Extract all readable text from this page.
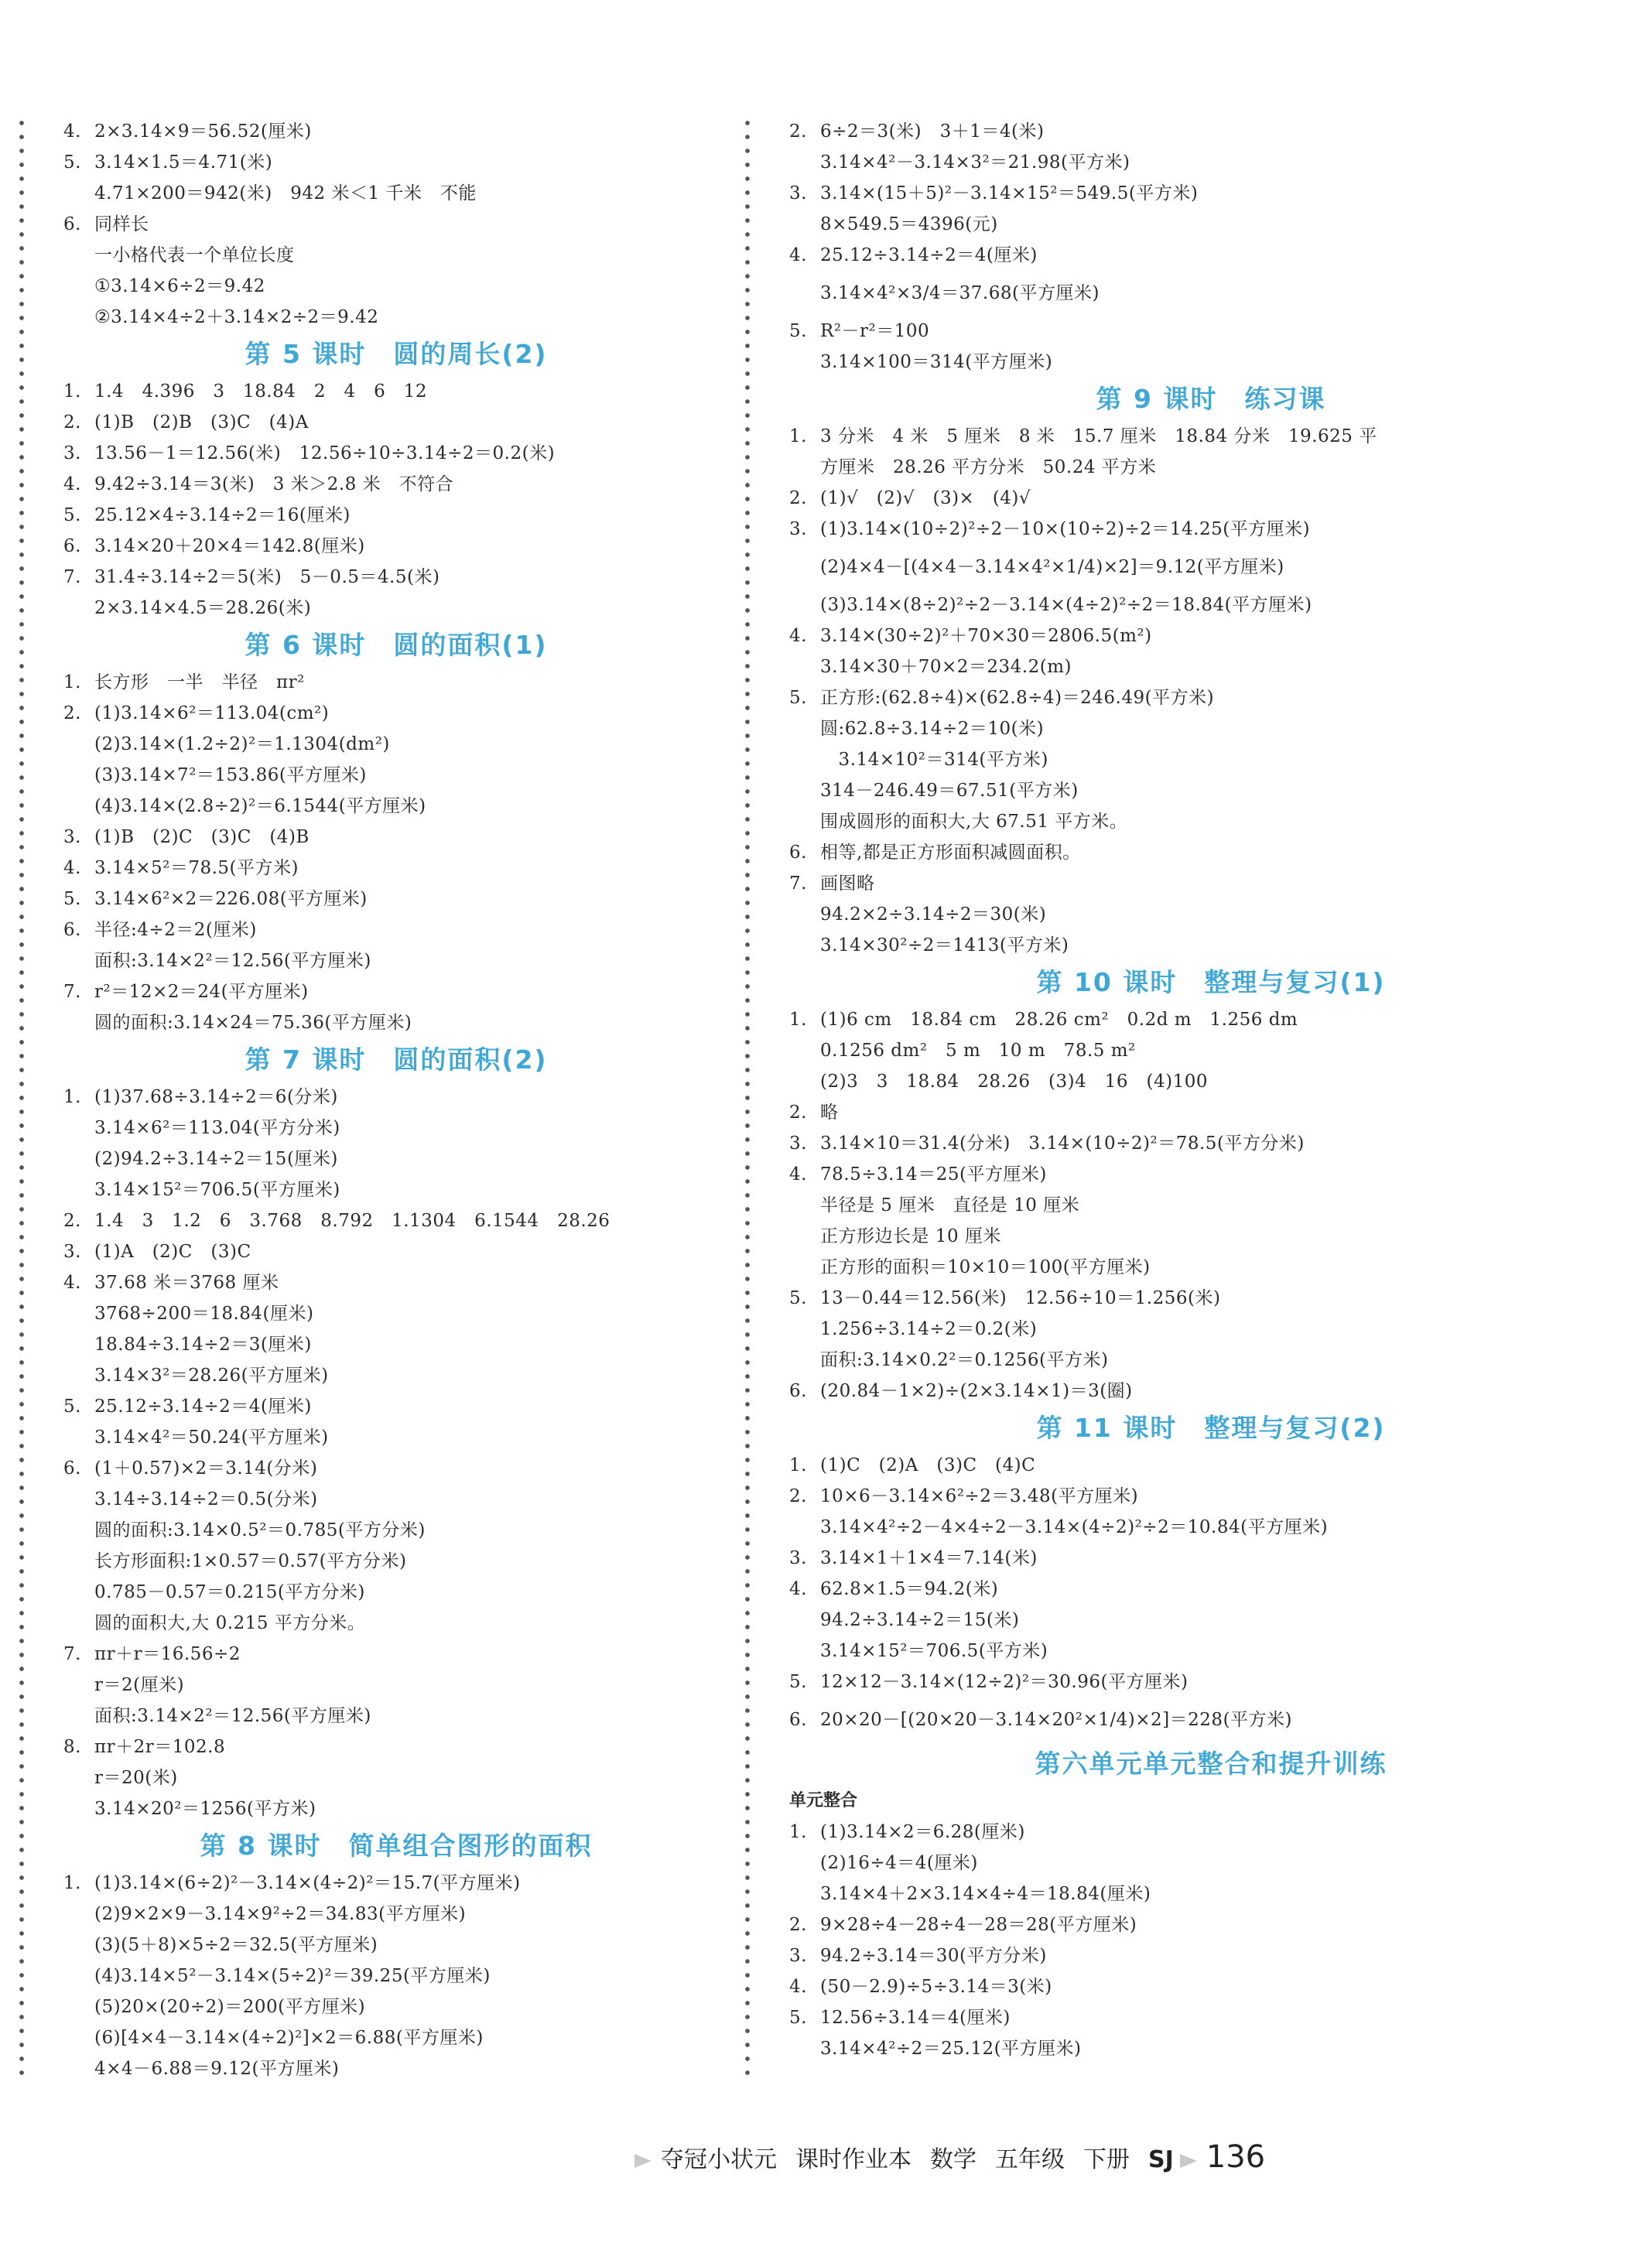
4. 2×3.14×9＝56.52(厘米)
5. 3.14×1.5＝4.71(米)
4.71×200＝942(米)　942 米＜1 千米　不能
6. 同样长
一小格代表一个单位长度
①3.14×6÷2＝9.42
②3.14×4÷2＋3.14×2÷2＝9.42
第 5 课时　圆的周长(2)
1. 1.4　4.396　3　18.84　2　4　6　12
2. (1)B　(2)B　(3)C　(4)A
3. 13.56－1＝12.56(米)　12.56÷10÷3.14÷2＝0.2(米)
4. 9.42÷3.14＝3(米)　3 米＞2.8 米　不符合
5. 25.12×4÷3.14÷2＝16(厘米)
6. 3.14×20＋20×4＝142.8(厘米)
7. 31.4÷3.14÷2＝5(米)　5－0.5＝4.5(米)
2×3.14×4.5＝28.26(米)
第 6 课时　圆的面积(1)
1. 长方形　一半　半径　πr²
2. (1)3.14×6²＝113.04(cm²)
(2)3.14×(1.2÷2)²＝1.1304(dm²)
(3)3.14×7²＝153.86(平方厘米)
(4)3.14×(2.8÷2)²＝6.1544(平方厘米)
3. (1)B　(2)C　(3)C　(4)B
4. 3.14×5²＝78.5(平方米)
5. 3.14×6²×2＝226.08(平方厘米)
6. 半径:4÷2＝2(厘米)
面积:3.14×2²＝12.56(平方厘米)
7. r²＝12×2＝24(平方厘米)
圆的面积:3.14×24＝75.36(平方厘米)
第 7 课时　圆的面积(2)
1. (1)37.68÷3.14÷2＝6(分米)
3.14×6²＝113.04(平方分米)
(2)94.2÷3.14÷2＝15(厘米)
3.14×15²＝706.5(平方厘米)
2. 1.4　3　1.2　6　3.768　8.792　1.1304　6.1544　28.26
3. (1)A　(2)C　(3)C
4. 37.68 米＝3768 厘米
3768÷200＝18.84(厘米)
18.84÷3.14÷2＝3(厘米)
3.14×3²＝28.26(平方厘米)
5. 25.12÷3.14÷2＝4(厘米)
3.14×4²＝50.24(平方厘米)
6. (1＋0.57)×2＝3.14(分米)
3.14÷3.14÷2＝0.5(分米)
圆的面积:3.14×0.5²＝0.785(平方分米)
长方形面积:1×0.57＝0.57(平方分米)
0.785－0.57＝0.215(平方分米)
圆的面积大,大 0.215 平方分米。
7. πr＋r＝16.56÷2
r＝2(厘米)
面积:3.14×2²＝12.56(平方厘米)
8. πr＋2r＝102.8
r＝20(米)
3.14×20²＝1256(平方米)
第 8 课时　简单组合图形的面积
1. (1)3.14×(6÷2)²－3.14×(4÷2)²＝15.7(平方厘米)
(2)9×2×9－3.14×9²÷2＝34.83(平方厘米)
(3)(5＋8)×5÷2＝32.5(平方厘米)
(4)3.14×5²－3.14×(5÷2)²＝39.25(平方厘米)
(5)20×(20÷2)＝200(平方厘米)
(6)[4×4－3.14×(4÷2)²]×2＝6.88(平方厘米)
4×4－6.88＝9.12(平方厘米)
2. 6÷2＝3(米)　3＋1＝4(米)
3.14×4²－3.14×3²＝21.98(平方米)
3. 3.14×(15＋5)²－3.14×15²＝549.5(平方米)
8×549.5＝4396(元)
4. 25.12÷3.14÷2＝4(厘米)
3.14×4²×3/4＝37.68(平方厘米)
5. R²－r²＝100
3.14×100＝314(平方厘米)
第 9 课时　练习课
1. 3 分米　4 米　5 厘米　8 米　15.7 厘米　18.84 分米　19.625 平
方厘米　28.26 平方分米　50.24 平方米
2. (1)√　(2)√　(3)×　(4)√
3. (1)3.14×(10÷2)²÷2－10×(10÷2)÷2＝14.25(平方厘米)
(2)4×4－[(4×4－3.14×4²×1/4)×2]＝9.12(平方厘米)
(3)3.14×(8÷2)²÷2－3.14×(4÷2)²÷2＝18.84(平方厘米)
4. 3.14×(30÷2)²＋70×30＝2806.5(m²)
3.14×30＋70×2＝234.2(m)
5. 正方形:(62.8÷4)×(62.8÷4)＝246.49(平方米)
圆:62.8÷3.14÷2＝10(米)
　3.14×10²＝314(平方米)
314－246.49＝67.51(平方米)
围成圆形的面积大,大 67.51 平方米。
6. 相等,都是正方形面积减圆面积。
7. 画图略
94.2×2÷3.14÷2＝30(米)
3.14×30²÷2＝1413(平方米)
第 10 课时　整理与复习(1)
1. (1)6 cm　18.84 cm　28.26 cm²　0.2d m　1.256 dm
0.1256 dm²　5 m　10 m　78.5 m²
(2)3　3　18.84　28.26　(3)4　16　(4)100
2. 略
3. 3.14×10＝31.4(分米)　3.14×(10÷2)²＝78.5(平方分米)
4. 78.5÷3.14＝25(平方厘米)
半径是 5 厘米　直径是 10 厘米
正方形边长是 10 厘米
正方形的面积＝10×10＝100(平方厘米)
5. 13－0.44＝12.56(米)　12.56÷10＝1.256(米)
1.256÷3.14÷2＝0.2(米)
面积:3.14×0.2²＝0.1256(平方米)
6. (20.84－1×2)÷(2×3.14×1)＝3(圈)
第 11 课时　整理与复习(2)
1. (1)C　(2)A　(3)C　(4)C
2. 10×6－3.14×6²÷2＝3.48(平方厘米)
3.14×4²÷2－4×4÷2－3.14×(4÷2)²÷2＝10.84(平方厘米)
3. 3.14×1＋1×4＝7.14(米)
4. 62.8×1.5＝94.2(米)
94.2÷3.14÷2＝15(米)
3.14×15²＝706.5(平方米)
5. 12×12－3.14×(12÷2)²＝30.96(平方厘米)
6. 20×20－[(20×20－3.14×20²×1/4)×2]＝228(平方米)
第六单元单元整合和提升训练
单元整合
1. (1)3.14×2＝6.28(厘米)
(2)16÷4＝4(厘米)
3.14×4＋2×3.14×4÷4＝18.84(厘米)
2. 9×28÷4－28÷4－28＝28(平方厘米)
3. 94.2÷3.14＝30(平方分米)
4. (50－2.9)÷5÷3.14＝3(米)
5. 12.56÷3.14＝4(厘米)
3.14×4²÷2＝25.12(平方厘米)
夺冠小状元 课时作业本 数学 五年级 下册 SJ 136
